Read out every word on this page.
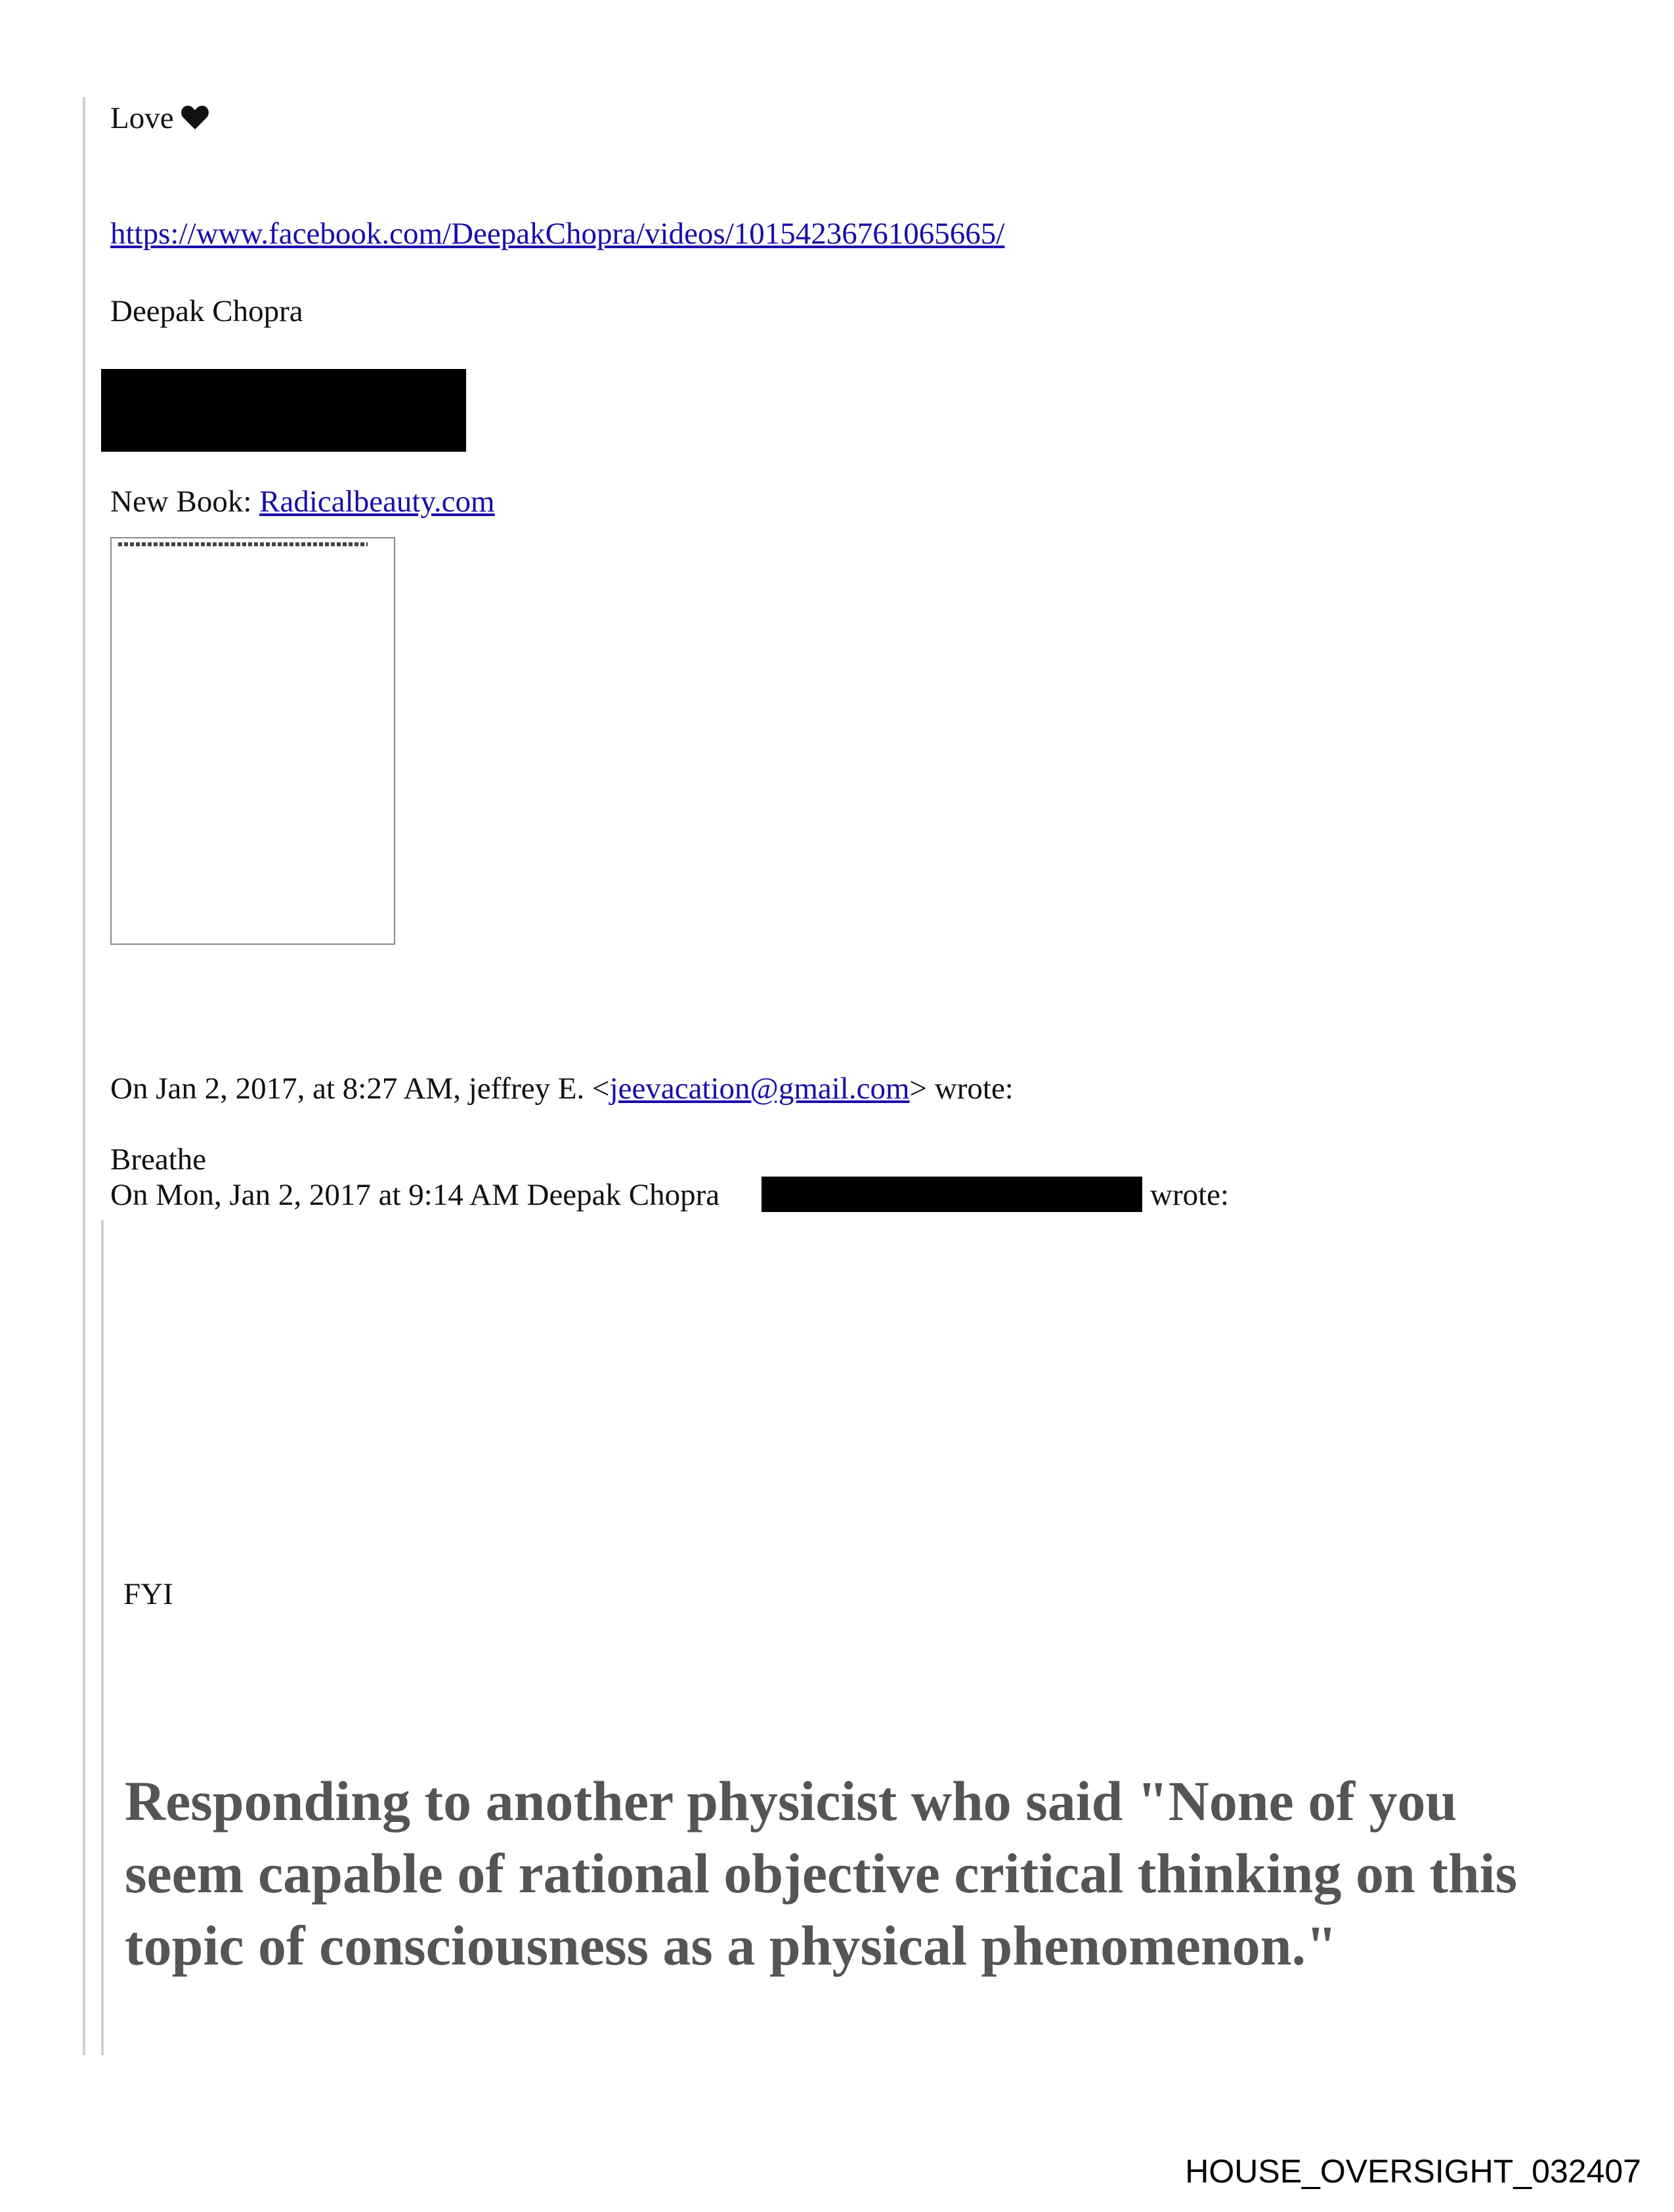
Love
https://www.facebook.com/DeepakChopra/videos/10154236761065665/
Deepak Chopra
New Book: Radicalbeauty.com
On Jan 2, 2017, at 8:27 AM, jeffrey E. <jeevacation@gmail.com> wrote:
Breathe
On Mon, Jan 2, 2017 at 9:14 AM Deepak Chopra	wrote:
FYI
Responding to another physicist who said "None of you seem capable of rational objective critical thinking on this topic of consciousness as a physical phenomenon."
HOUSE_OVERSIGHT_032407
